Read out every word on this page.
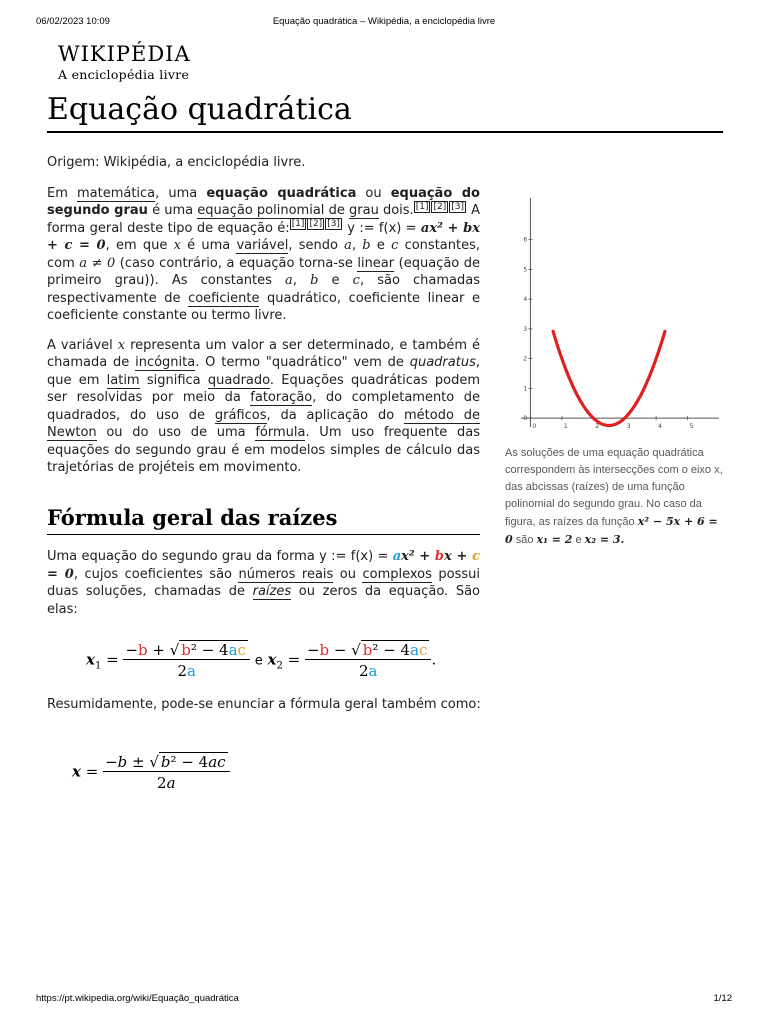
06/02/2023 10:09	Equação quadrática – Wikipédia, a enciclopédia livre
WIKIPÉDIA
A enciclopédia livre
Equação quadrática

Origem: Wikipédia, a enciclopédia livre.

Em matemática, uma equação quadrática ou equação do segundo grau é uma equação polinomial de grau dois. [1] [2] [3] A forma geral deste tipo de equação é: [1] [2] [3] y := f(x) = ax² + bx + c = 0, em que x é uma variável, sendo a, b e c constantes, com a ≠ 0 (caso contrário, a equação torna-se linear (equação de primeiro grau)). As constantes a, b e c, são chamadas respectivamente de coeficiente quadrático, coeficiente linear e coeficiente constante ou termo livre.

A variável x representa um valor a ser determinado, e também é chamada de incógnita. O termo "quadrático" vem de quadratus, que em latim significa quadrado. Equações quadráticas podem ser resolvidas por meio da fatoração, do completamento de quadrados, do uso de gráficos, da aplicação do método de Newton ou do uso de uma fórmula. Um uso frequente das equações do segundo grau é em modelos simples de cálculo das trajetórias de projéteis em movimento.

Fórmula geral das raízes

Uma equação do segundo grau da forma y := f(x) = ax² + bx + c = 0, cujos coeficientes são números reais ou complexos possui duas soluções, chamadas de raízes ou zeros da equação. São elas:

$x_1 = \frac{\text{−b + √ b² − 4ac}}{2a}$ e $x_2 = \frac{\text{−b − √ b² − 4ac}}{2a}$ .
Resumidamente, pode-se enunciar a fórmula geral também como:
$x = \frac{\text{−b ± √ b² − 4ac}}{2a}$
0	1	2	3	4	5
0
1
2
3
4
5
6
As soluções de uma equação quadrática correspondem às intersecções com o eixo x, das abcissas (raízes) de uma função polinomial do segundo grau. No caso da figura, as raízes da função x² − 5x + 6 = 0 são x₁ = 2 e x₂ = 3.
https://pt.wikipedia.org/wiki/Equação_quadrática	1/12
